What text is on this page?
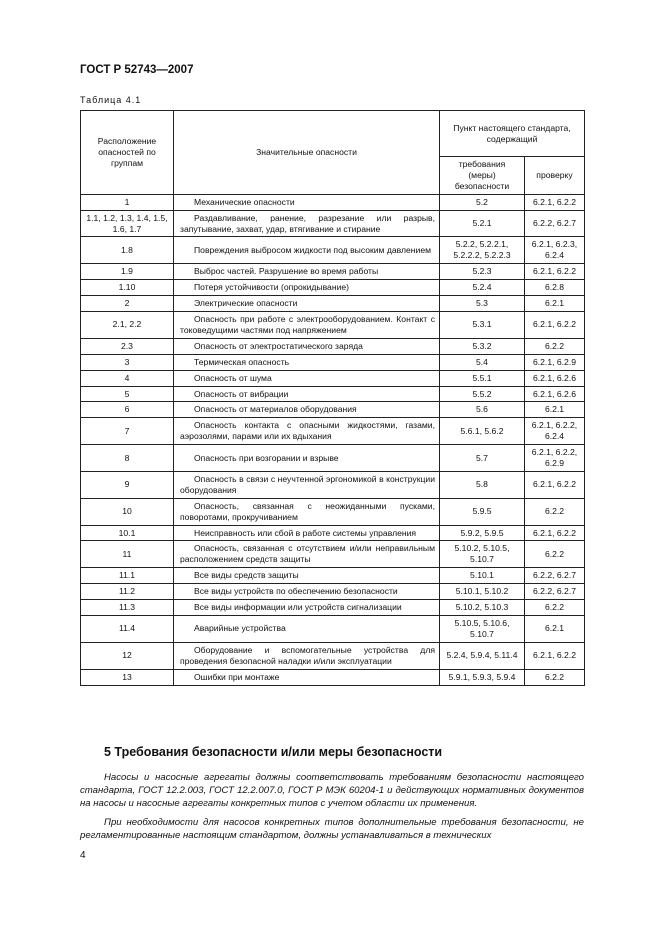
ГОСТ Р 52743—2007
Таблица 4.1
Расположение опасностей по группам	Значительные опасности	Пункт настоящего стандарта, содержащий	
		требования (меры) безопасности	проверку
1	Механические опасности	5.2	6.2.1, 6.2.2
1.1, 1.2, 1.3, 1.4, 1.5, 1.6, 1.7	Раздавливание, ранение, разрезание или разрыв, запутывание, захват, удар, втягивание и стирание	5.2.1	6.2.2, 6.2.7
1.8	Повреждения выбросом жидкости под высоким давлением	5.2.2, 5.2.2.1, 5.2.2.2, 5.2.2.3	6.2.1, 6.2.3, 6.2.4
1.9	Выброс частей. Разрушение во время работы	5.2.3	6.2.1, 6.2.2
1.10	Потеря устойчивости (опрокидывание)	5.2.4	6.2.8
2	Электрические опасности	5.3	6.2.1
2.1, 2.2	Опасность при работе с электрооборудованием. Контакт с токоведущими частями под напряжением	5.3.1	6.2.1, 6.2.2
2.3	Опасность от электростатического заряда	5.3.2	6.2.2
3	Термическая опасность	5.4	6.2.1, 6.2.9
4	Опасность от шума	5.5.1	6.2.1, 6.2.6
5	Опасность от вибрации	5.5.2	6.2.1, 6.2.6
6	Опасность от материалов оборудования	5.6	6.2.1
7	Опасность контакта с опасными жидкостями, газами, аэрозолями, парами или их вдыхания	5.6.1, 5.6.2	6.2.1, 6.2.2, 6.2.4
8	Опасность при возгорании и взрыве	5.7	6.2.1, 6.2.2, 6.2.9
9	Опасность в связи с неучтенной эргономикой в конструкции оборудования	5.8	6.2.1, 6.2.2
10	Опасность, связанная с неожиданными пусками, поворотами, прокручиванием	5.9.5	6.2.2
10.1	Неисправность или сбой в работе системы управления	5.9.2, 5.9.5	6.2.1, 6.2.2
11	Опасность, связанная с отсутствием и/или неправильным расположением средств защиты	5.10.2, 5.10.5, 5.10.7	6.2.2
11.1	Все виды средств защиты	5.10.1	6.2.2, 6.2.7
11.2	Все виды устройств по обеспечению безопасности	5.10.1, 5.10.2	6.2.2, 6.2.7
11.3	Все виды информации или устройств сигнализации	5.10.2, 5.10.3	6.2.2
11.4	Аварийные устройства	5.10.5, 5.10.6, 5.10.7	6.2.1
12	Оборудование и вспомогательные устройства для проведения безопасной наладки и/или эксплуатации	5.2.4, 5.9.4, 5.11.4	6.2.1, 6.2.2
13	Ошибки при монтаже	5.9.1, 5.9.3, 5.9.4	6.2.2
5 Требования безопасности и/или меры безопасности
Насосы и насосные агрегаты должны соответствовать требованиям безопасности настоящего стандарта, ГОСТ 12.2.003, ГОСТ 12.2.007.0, ГОСТ Р МЭК 60204-1 и действующих нормативных документов на насосы и насосные агрегаты конкретных типов с учетом области их применения.
При необходимости для насосов конкретных типов дополнительные требования безопасности, не регламентированные настоящим стандартом, должны устанавливаться в технических
4
